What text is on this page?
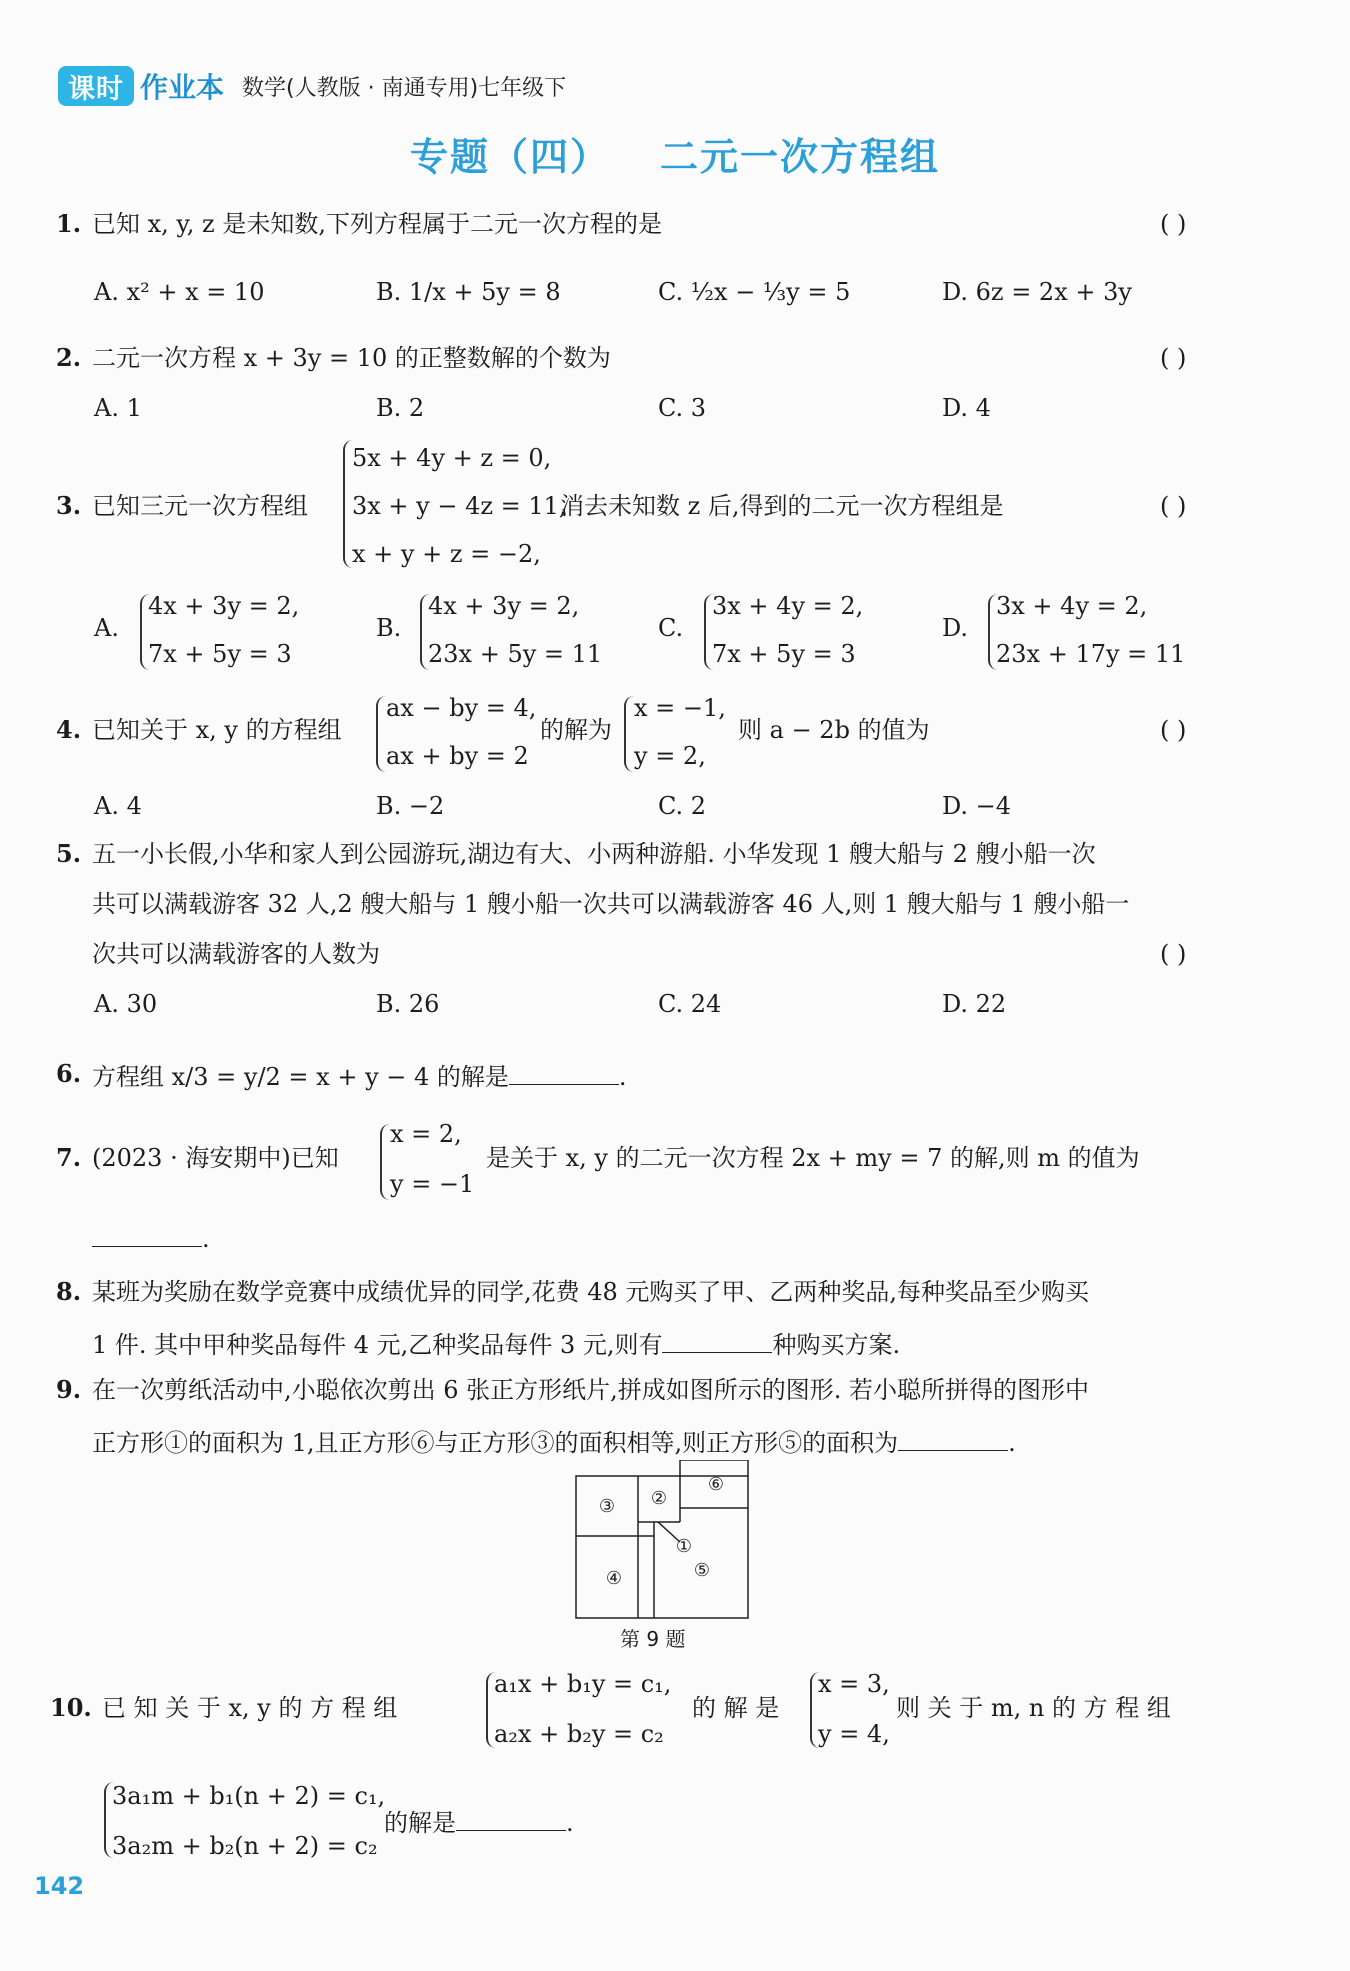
课时 作业本 数学(人教版 · 南通专用)七年级下
专题（四） 二元一次方程组
1. 已知 x, y, z 是未知数,下列方程属于二元一次方程的是	( )
A. x² + x = 10	B. 1/x + 5y = 8	C. ½x − ⅓y = 5	D. 6z = 2x + 3y
2. 二元一次方程 x + 3y = 10 的正整数解的个数为	( )
A. 1	B. 2	C. 3	D. 4
3. 已知三元一次方程组
5x + 4y + z = 0,
3x + y − 4z = 11,
x + y + z = −2,
消去未知数 z 后,得到的二元一次方程组是	( )
A.
4x + 3y = 2,
7x + 5y = 3
B.
4x + 3y = 2,
23x + 5y = 11
C.
3x + 4y = 2,
7x + 5y = 3
D.
3x + 4y = 2,
23x + 17y = 11
4. 已知关于 x, y 的方程组
ax − by = 4,
ax + by = 2
的解为
x = −1,
y = 2,
则 a − 2b 的值为	( )
A. 4	B. −2	C. 2	D. −4
5. 五一小长假,小华和家人到公园游玩,湖边有大、小两种游船. 小华发现 1 艘大船与 2 艘小船一次
共可以满载游客 32 人,2 艘大船与 1 艘小船一次共可以满载游客 46 人,则 1 艘大船与 1 艘小船一
次共可以满载游客的人数为	( )
A. 30	B. 26	C. 24	D. 22
6. 方程组 x/3 = y/2 = x + y − 4 的解是	.
7. (2023 · 海安期中)已知
x = 2,
y = −1
是关于 x, y 的二元一次方程 2x + my = 7 的解,则 m 的值为
.
8. 某班为奖励在数学竞赛中成绩优异的同学,花费 48 元购买了甲、乙两种奖品,每种奖品至少购买
1 件. 其中甲种奖品每件 4 元,乙种奖品每件 3 元,则有	种购买方案.
9. 在一次剪纸活动中,小聪依次剪出 6 张正方形纸片,拼成如图所示的图形. 若小聪所拼得的图形中
正方形①的面积为 1,且正方形⑥与正方形③的面积相等,则正方形⑤的面积为	.
③ ②
⑥
①
④	⑤
第 9 题
10. 已 知 关 于 x, y 的 方 程 组
a₁x + b₁y = c₁,
a₂x + b₂y = c₂
的 解 是
x = 3,
y = 4,
则 关 于 m, n 的 方 程 组
3a₁m + b₁(n + 2) = c₁,
3a₂m + b₂(n + 2) = c₂
的解是	.
142
